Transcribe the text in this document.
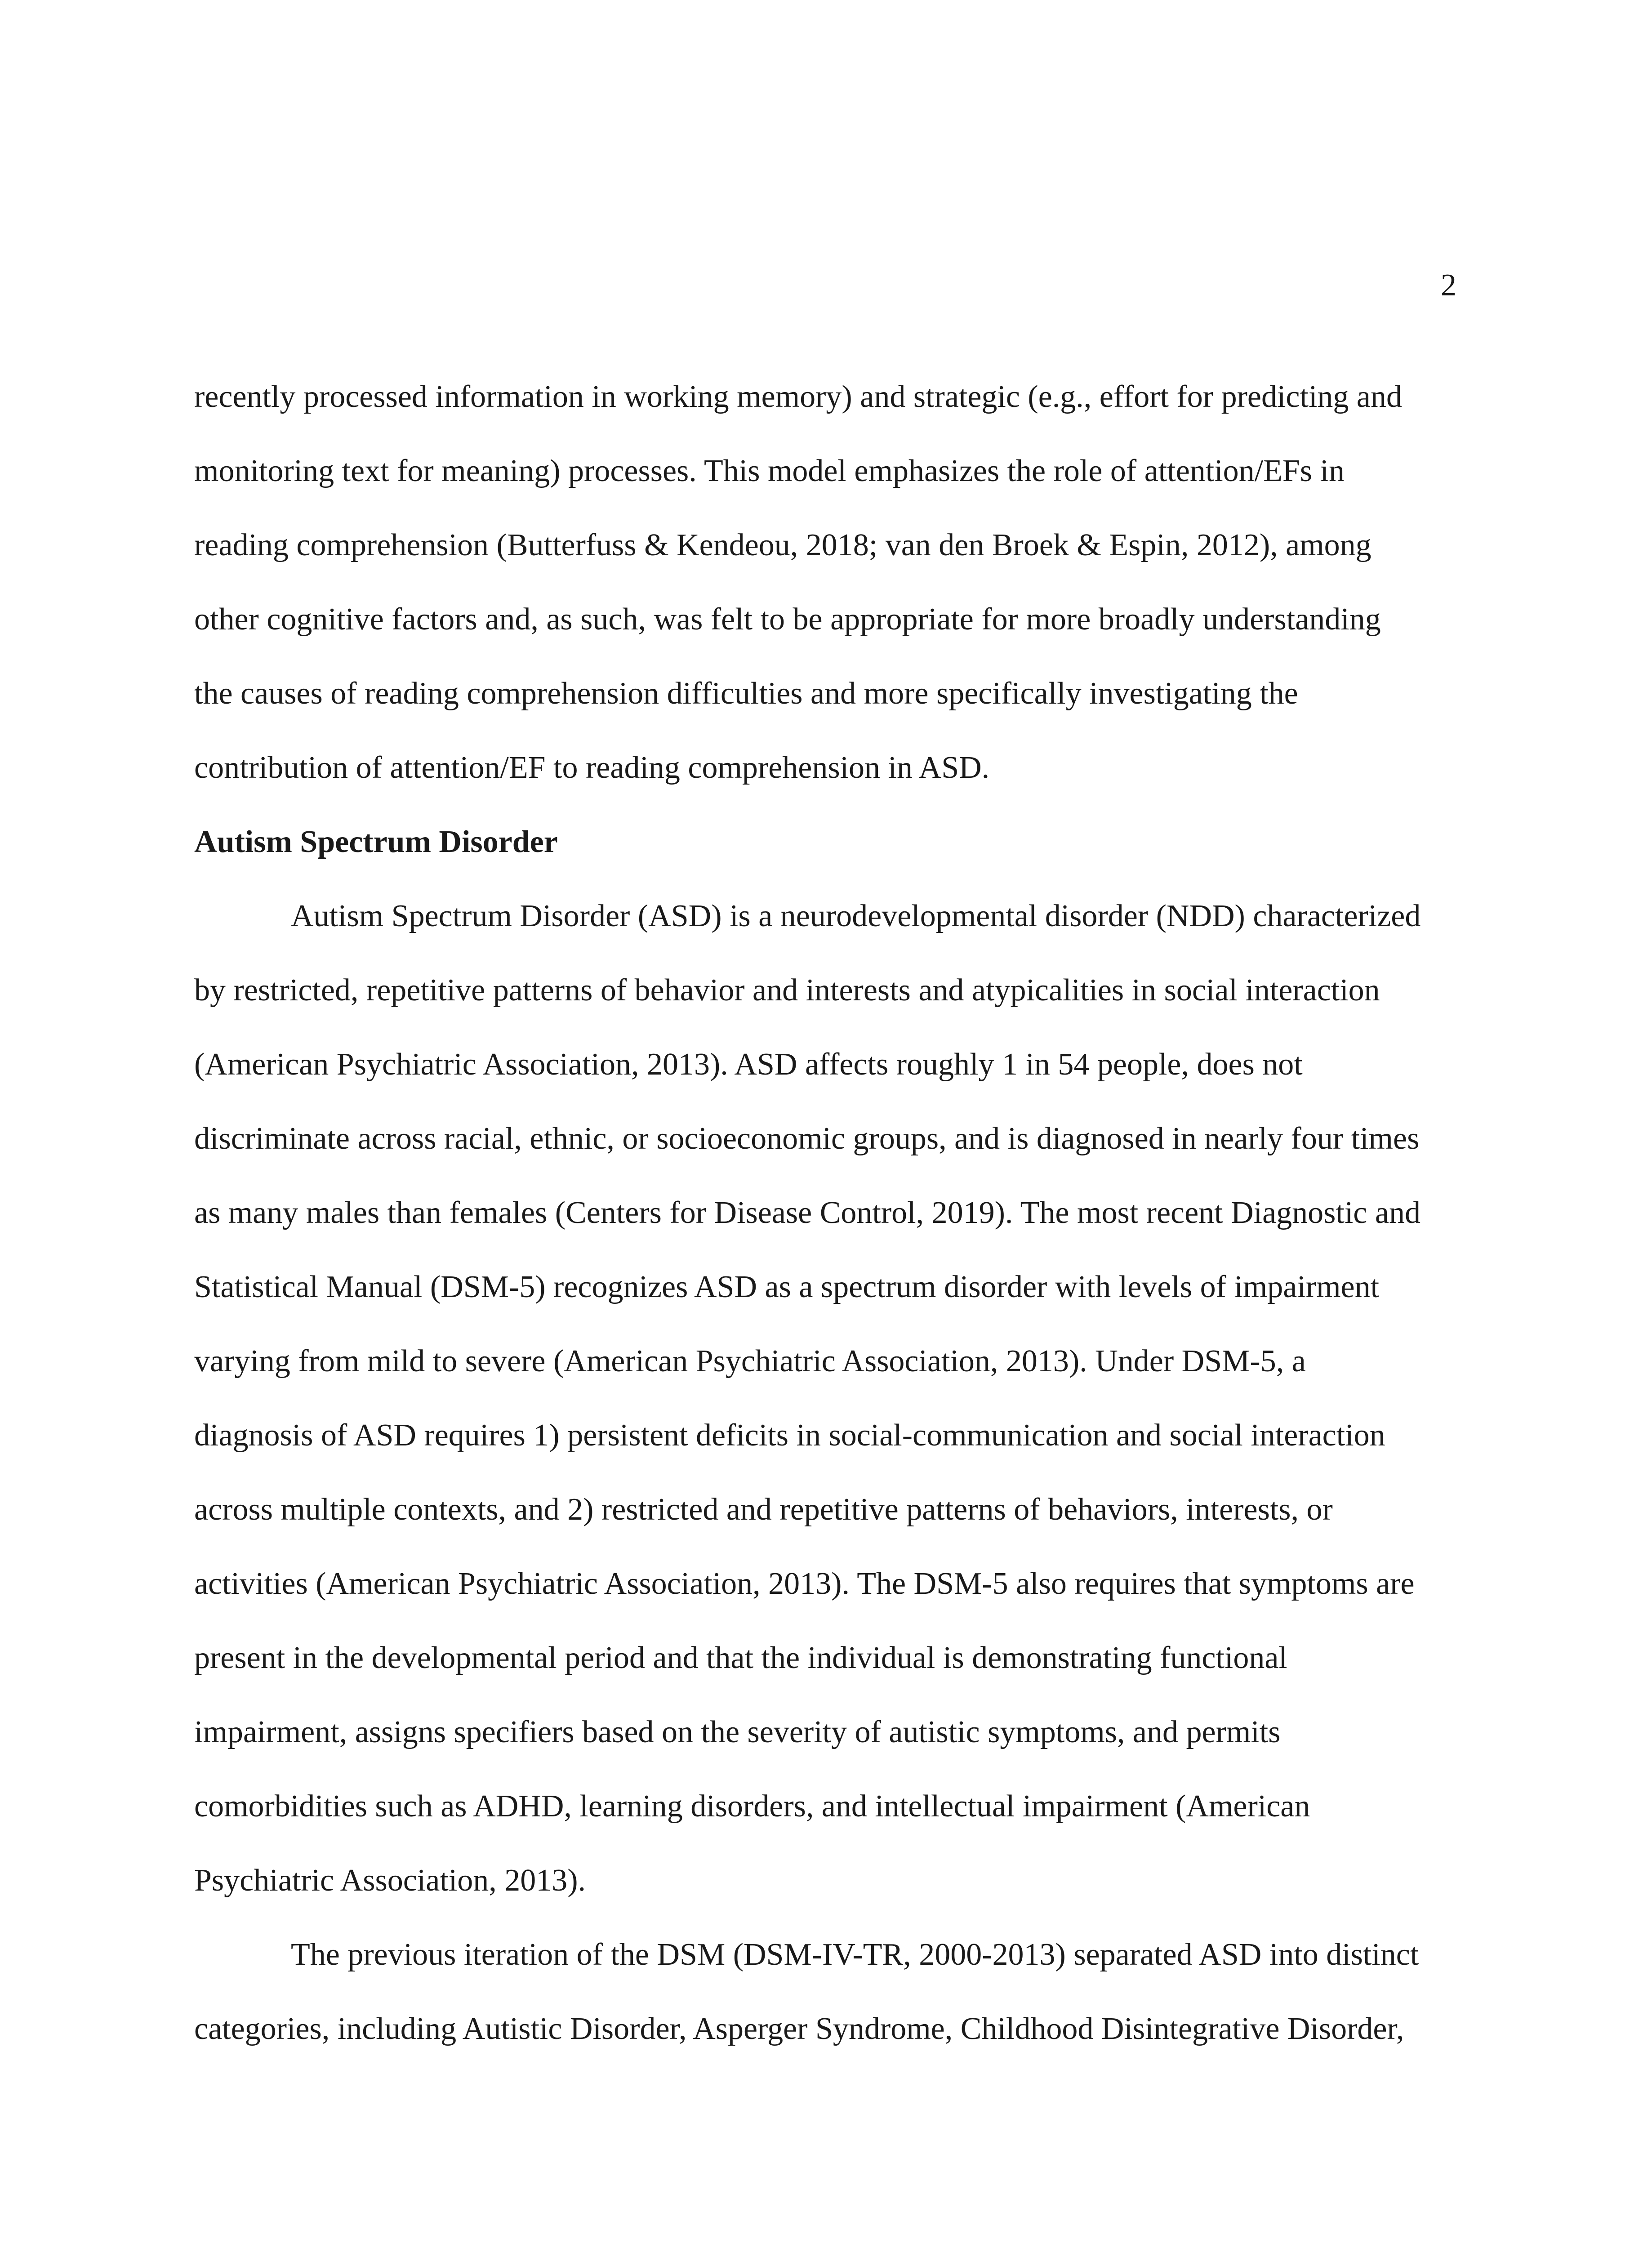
2
recently processed information in working memory) and strategic (e.g., effort for predicting and
monitoring text for meaning) processes. This model emphasizes the role of attention/EFs in
reading comprehension (Butterfuss & Kendeou, 2018; van den Broek & Espin, 2012), among
other cognitive factors and, as such, was felt to be appropriate for more broadly understanding
the causes of reading comprehension difficulties and more specifically investigating the
contribution of attention/EF to reading comprehension in ASD.
Autism Spectrum Disorder
Autism Spectrum Disorder (ASD) is a neurodevelopmental disorder (NDD) characterized
by restricted, repetitive patterns of behavior and interests and atypicalities in social interaction
(American Psychiatric Association, 2013). ASD affects roughly 1 in 54 people, does not
discriminate across racial, ethnic, or socioeconomic groups, and is diagnosed in nearly four times
as many males than females (Centers for Disease Control, 2019). The most recent Diagnostic and
Statistical Manual (DSM-5) recognizes ASD as a spectrum disorder with levels of impairment
varying from mild to severe (American Psychiatric Association, 2013). Under DSM-5, a
diagnosis of ASD requires 1) persistent deficits in social-communication and social interaction
across multiple contexts, and 2) restricted and repetitive patterns of behaviors, interests, or
activities (American Psychiatric Association, 2013). The DSM-5 also requires that symptoms are
present in the developmental period and that the individual is demonstrating functional
impairment, assigns specifiers based on the severity of autistic symptoms, and permits
comorbidities such as ADHD, learning disorders, and intellectual impairment (American
Psychiatric Association, 2013).
The previous iteration of the DSM (DSM-IV-TR, 2000-2013) separated ASD into distinct
categories, including Autistic Disorder, Asperger Syndrome, Childhood Disintegrative Disorder,
